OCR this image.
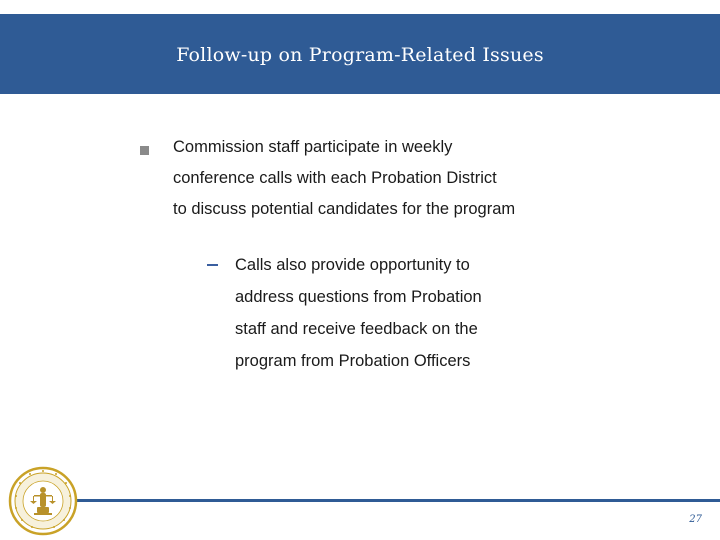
Follow-up on Program-Related Issues
Commission staff participate in weekly
conference calls with each Probation District
to discuss potential candidates for the program
Calls also provide opportunity to
address questions from Probation
staff and receive feedback on the
program from Probation Officers
27
